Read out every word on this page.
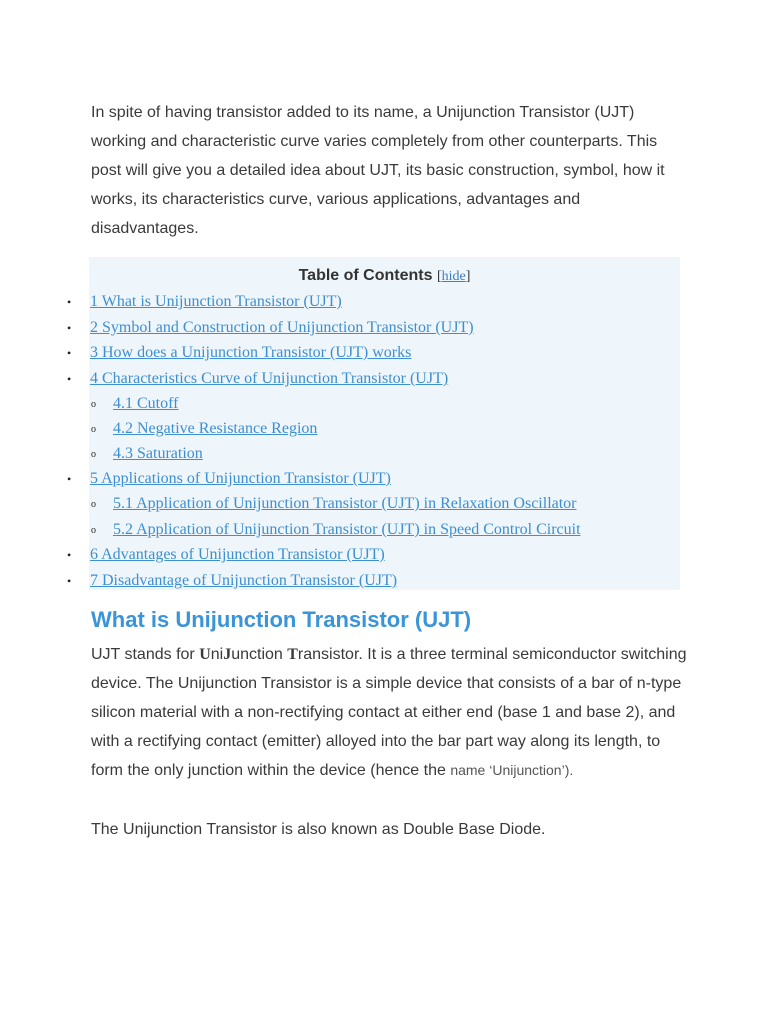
In spite of having transistor added to its name, a Unijunction Transistor (UJT) working and characteristic curve varies completely from other counterparts. This post will give you a detailed idea about UJT, its basic construction, symbol, how it works, its characteristics curve, various applications, advantages and disadvantages.

Table of Contents [hide]
• 1 What is Unijunction Transistor (UJT)
• 2 Symbol and Construction of Unijunction Transistor (UJT)
• 3 How does a Unijunction Transistor (UJT) works
• 4 Characteristics Curve of Unijunction Transistor (UJT)
o 4.1 Cutoff
o 4.2 Negative Resistance Region
o 4.3 Saturation
• 5 Applications of Unijunction Transistor (UJT)
o 5.1 Application of Unijunction Transistor (UJT) in Relaxation Oscillator
o 5.2 Application of Unijunction Transistor (UJT) in Speed Control Circuit
• 6 Advantages of Unijunction Transistor (UJT)
• 7 Disadvantage of Unijunction Transistor (UJT)
What is Unijunction Transistor (UJT)

UJT stands for UniJunction Transistor. It is a three terminal semiconductor switching device. The Unijunction Transistor is a simple device that consists of a bar of n-type silicon material with a non-rectifying contact at either end (base 1 and base 2), and with a rectifying contact (emitter) alloyed into the bar part way along its length, to form the only junction within the device (hence the name ‘Unijunction’).

The Unijunction Transistor is also known as Double Base Diode.
